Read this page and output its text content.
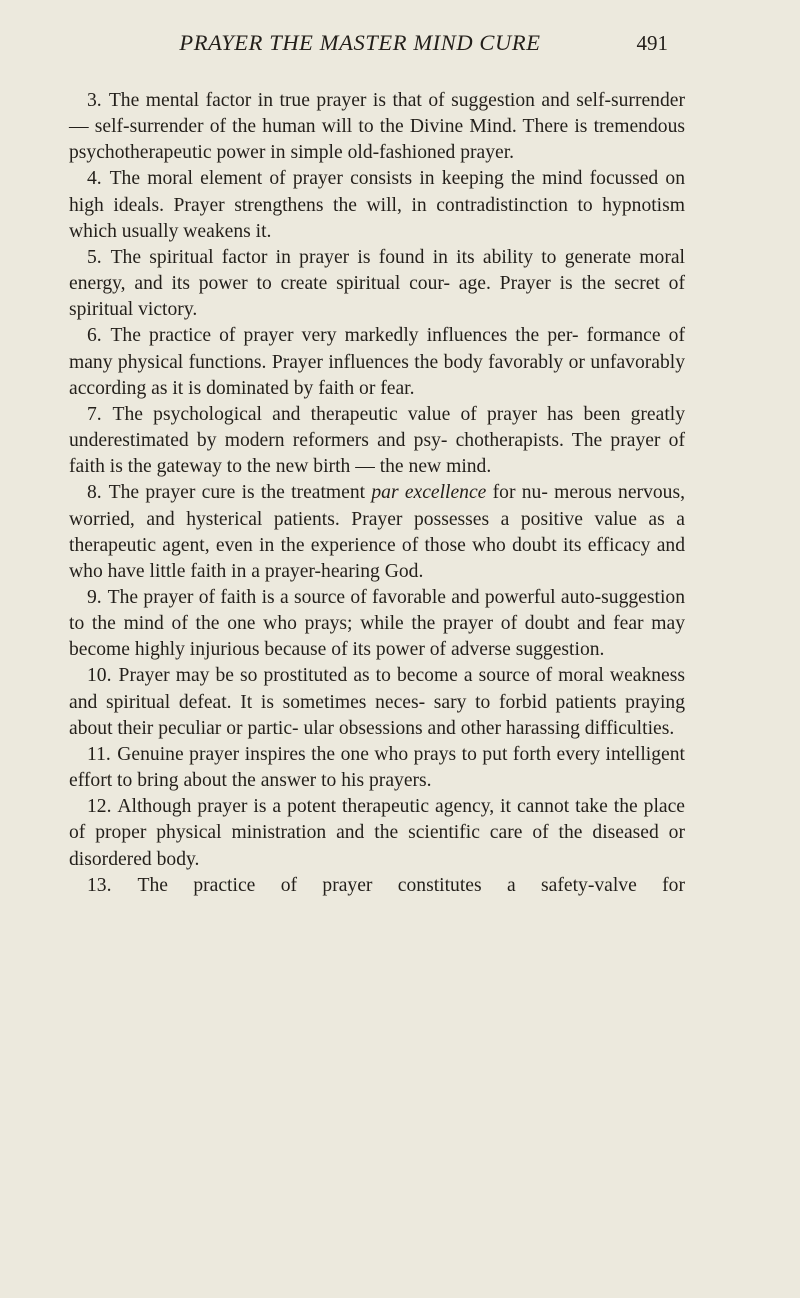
PRAYER THE MASTER MIND CURE	491

3. The mental factor in true prayer is that of suggestion and self-surrender — self-surrender of the human will to the Divine Mind. There is tremendous psychotherapeutic power in simple old-fashioned prayer.

4. The moral element of prayer consists in keeping the mind focussed on high ideals. Prayer strengthens the will, in contradistinction to hypnotism which usually weakens it.

5. The spiritual factor in prayer is found in its ability to generate moral energy, and its power to create spiritual cour- age. Prayer is the secret of spiritual victory.

6. The practice of prayer very markedly influences the per- formance of many physical functions. Prayer influences the body favorably or unfavorably according as it is dominated by faith or fear.

7. The psychological and therapeutic value of prayer has been greatly underestimated by modern reformers and psy- chotherapists. The prayer of faith is the gateway to the new birth — the new mind.

8. The prayer cure is the treatment par excellence for nu- merous nervous, worried, and hysterical patients. Prayer possesses a positive value as a therapeutic agent, even in the experience of those who doubt its efficacy and who have little faith in a prayer-hearing God.

9. The prayer of faith is a source of favorable and powerful auto-suggestion to the mind of the one who prays; while the prayer of doubt and fear may become highly injurious because of its power of adverse suggestion.

10. Prayer may be so prostituted as to become a source of moral weakness and spiritual defeat. It is sometimes neces- sary to forbid patients praying about their peculiar or partic- ular obsessions and other harassing difficulties.

11. Genuine prayer inspires the one who prays to put forth every intelligent effort to bring about the answer to his prayers.

12. Although prayer is a potent therapeutic agency, it cannot take the place of proper physical ministration and the scientific care of the diseased or disordered body.

13. The practice of prayer constitutes a safety-valve for
